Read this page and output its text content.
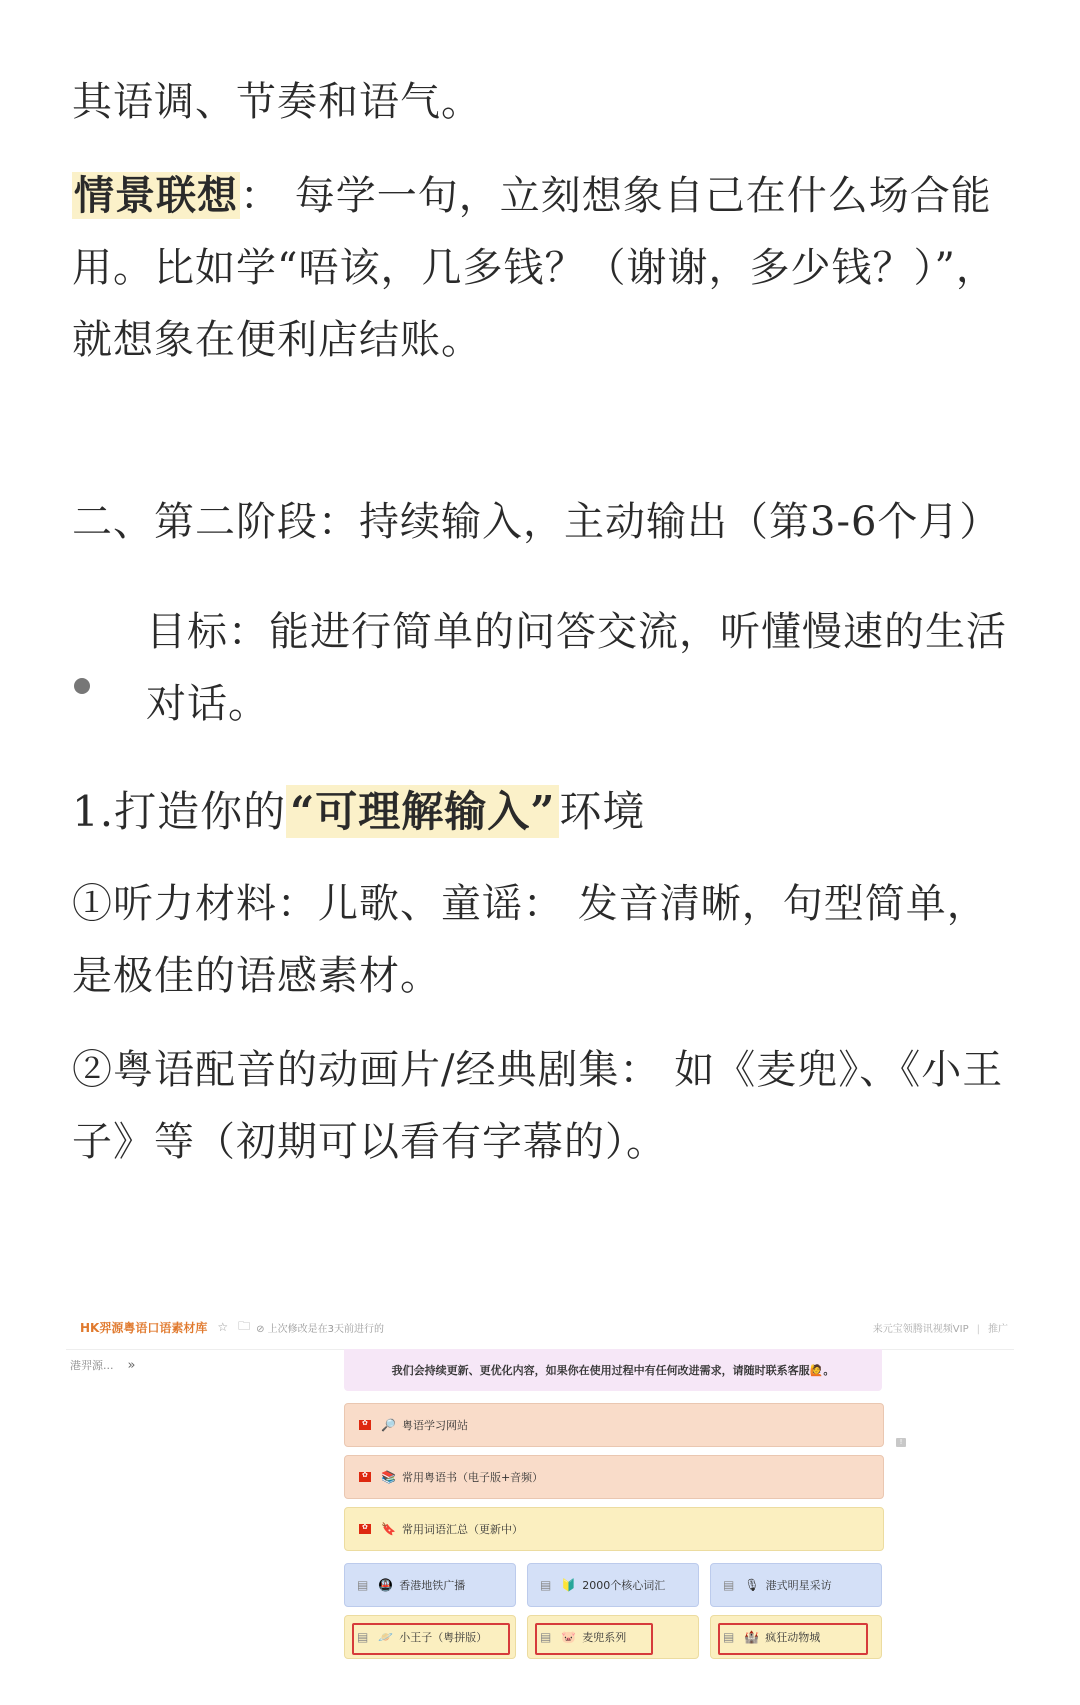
其语调、节奏和语气。

情景联想： 每学一句，立刻想象自己在什么场合能用。比如学“唔该，几多钱？（谢谢，多少钱？）”，就想象在便利店结账。

二、第二阶段：持续输入，主动输出（第3-6个月）

目标：能进行简单的问答交流，听懂慢速的生活对话。

1.打造你的“可理解输入”环境

①听力材料：儿歌、童谣： 发音清晰，句型简单，是极佳的语感素材。

②粤语配音的动画片/经典剧集： 如《麦兜》、《小王子》等（初期可以看有字幕的）。

HK羿源粤语口语素材库 ☆ 🗀 ⊘ 上次修改是在3天前进行的	来元宝领腾讯视频VIP | 推广
港羿源... »	我们会持续更新、更优化内容，如果你在使用过程中有任何改进需求，请随时联系客服🙋。
✿
🔎 粤语学习网站
✿
📚 常用粤语书（电子版+音频）
!
✿
🔖 常用词语汇总（更新中）
▤ 🚇 香港地铁广播	▤ 🔰 2000个核心词汇	▤ 🎙 港式明星采访
▤ 🪐 小王子（粤拼版）	▤ 🐷 麦兜系列	▤ 🏰 疯狂动物城
